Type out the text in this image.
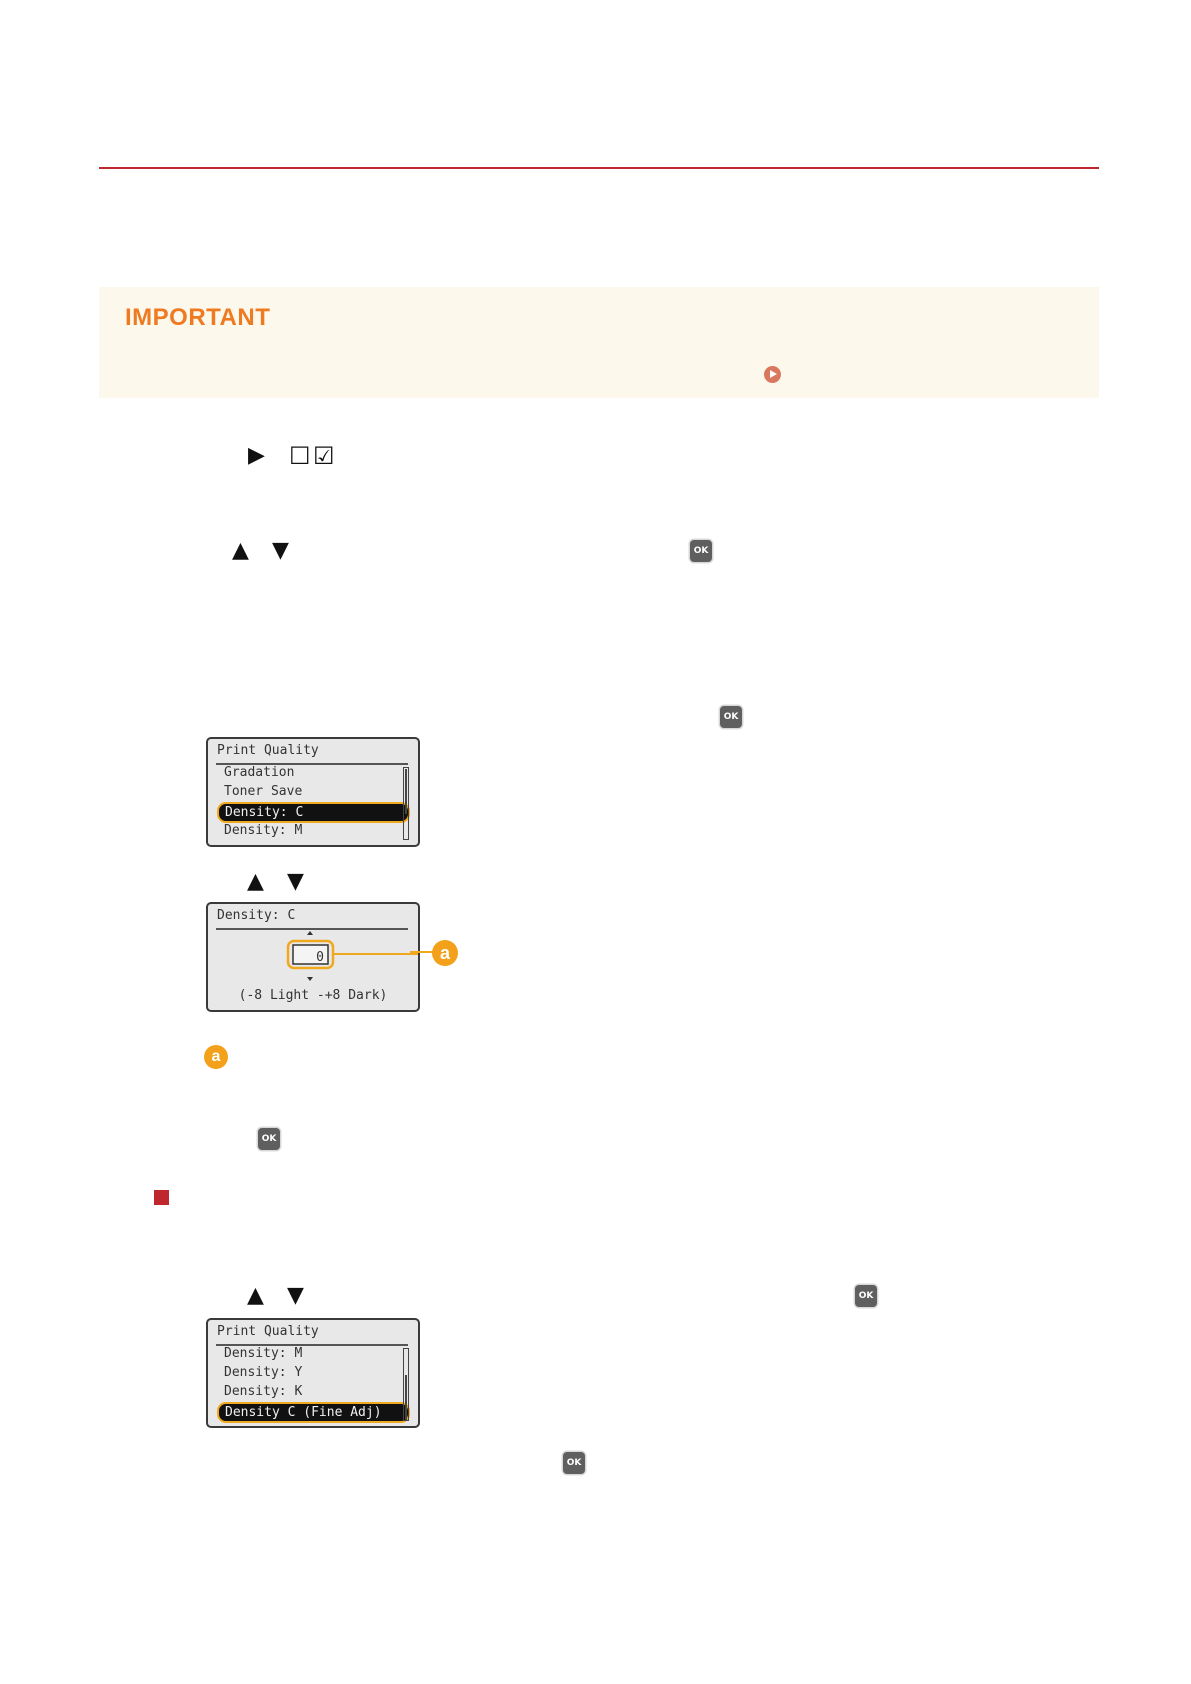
IMPORTANT
▶ ☐ ☑
▲ ▼	OK
OK
Print Quality
Gradation
Toner Save
Density: C
Density: M
▲ ▼
Density: C
0
(-8 Light -+8 Dark)
a
a
OK
▲ ▼	OK
Print Quality
Density: M
Density: Y
Density: K
Density C (Fine Adj)
OK
